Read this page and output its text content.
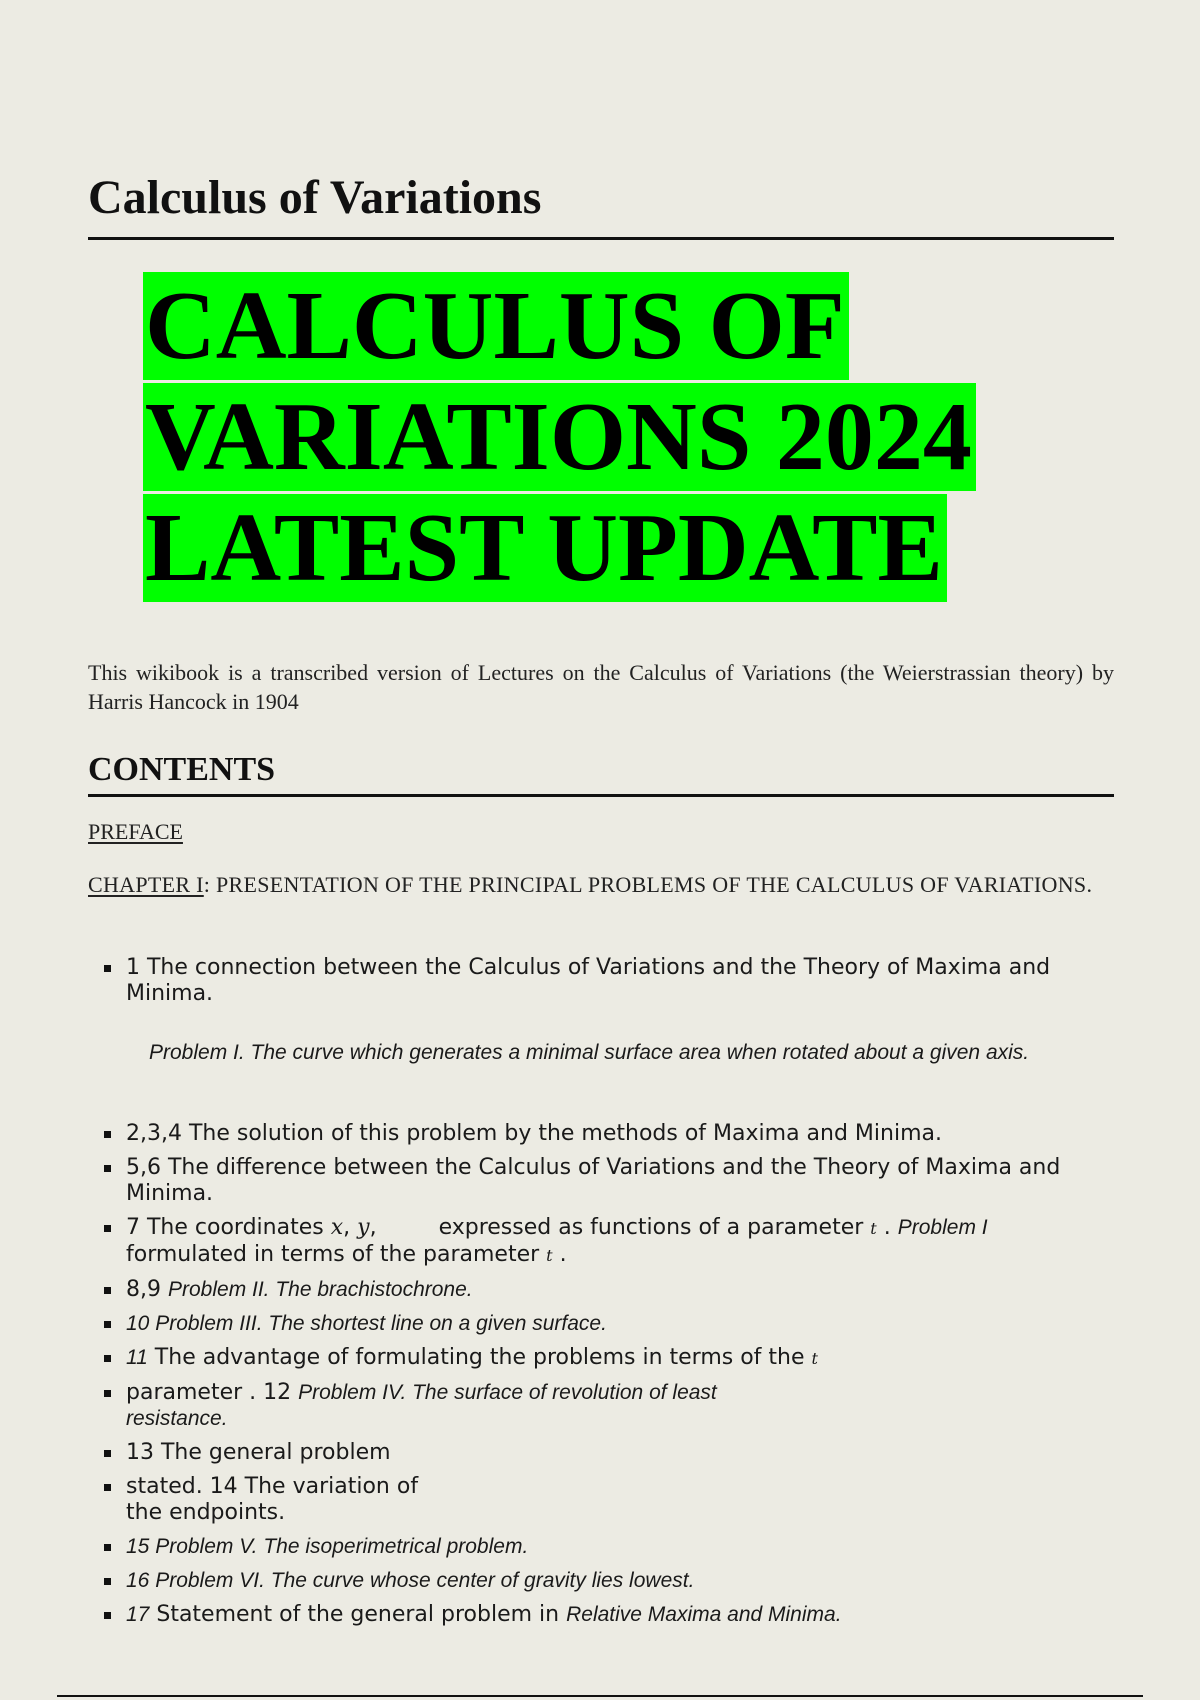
Calculus of Variations
CALCULUS OF
VARIATIONS 2024
LATEST UPDATE

This wikibook is a transcribed version of Lectures on the Calculus of Variations (the Weierstrassian theory) by Harris Hancock in 1904

CONTENTS
PREFACE

CHAPTER I: PRESENTATION OF THE PRINCIPAL PROBLEMS OF THE CALCULUS OF VARIATIONS.

1 The connection between the Calculus of Variations and the Theory of Maxima and Minima.

Problem I. The curve which generates a minimal surface area when rotated about a given axis.

2,3,4 The solution of this problem by the methods of Maxima and Minima.
5,6 The difference between the Calculus of Variations and the Theory of Maxima and Minima.
7 The coordinates x, y,	expressed as functions of a parameter t . Problem I
formulated in terms of the parameter t .
8,9 Problem II. The brachistochrone.
10 Problem III. The shortest line on a given surface.
11 The advantage of formulating the problems in terms of the t
parameter . 12 Problem IV. The surface of revolution of least
resistance.
13 The general problem
stated. 14 The variation of
the endpoints.
15 Problem V. The isoperimetrical problem.
16 Problem VI. The curve whose center of gravity lies lowest.
17 Statement of the general problem in Relative Maxima and Minima.
